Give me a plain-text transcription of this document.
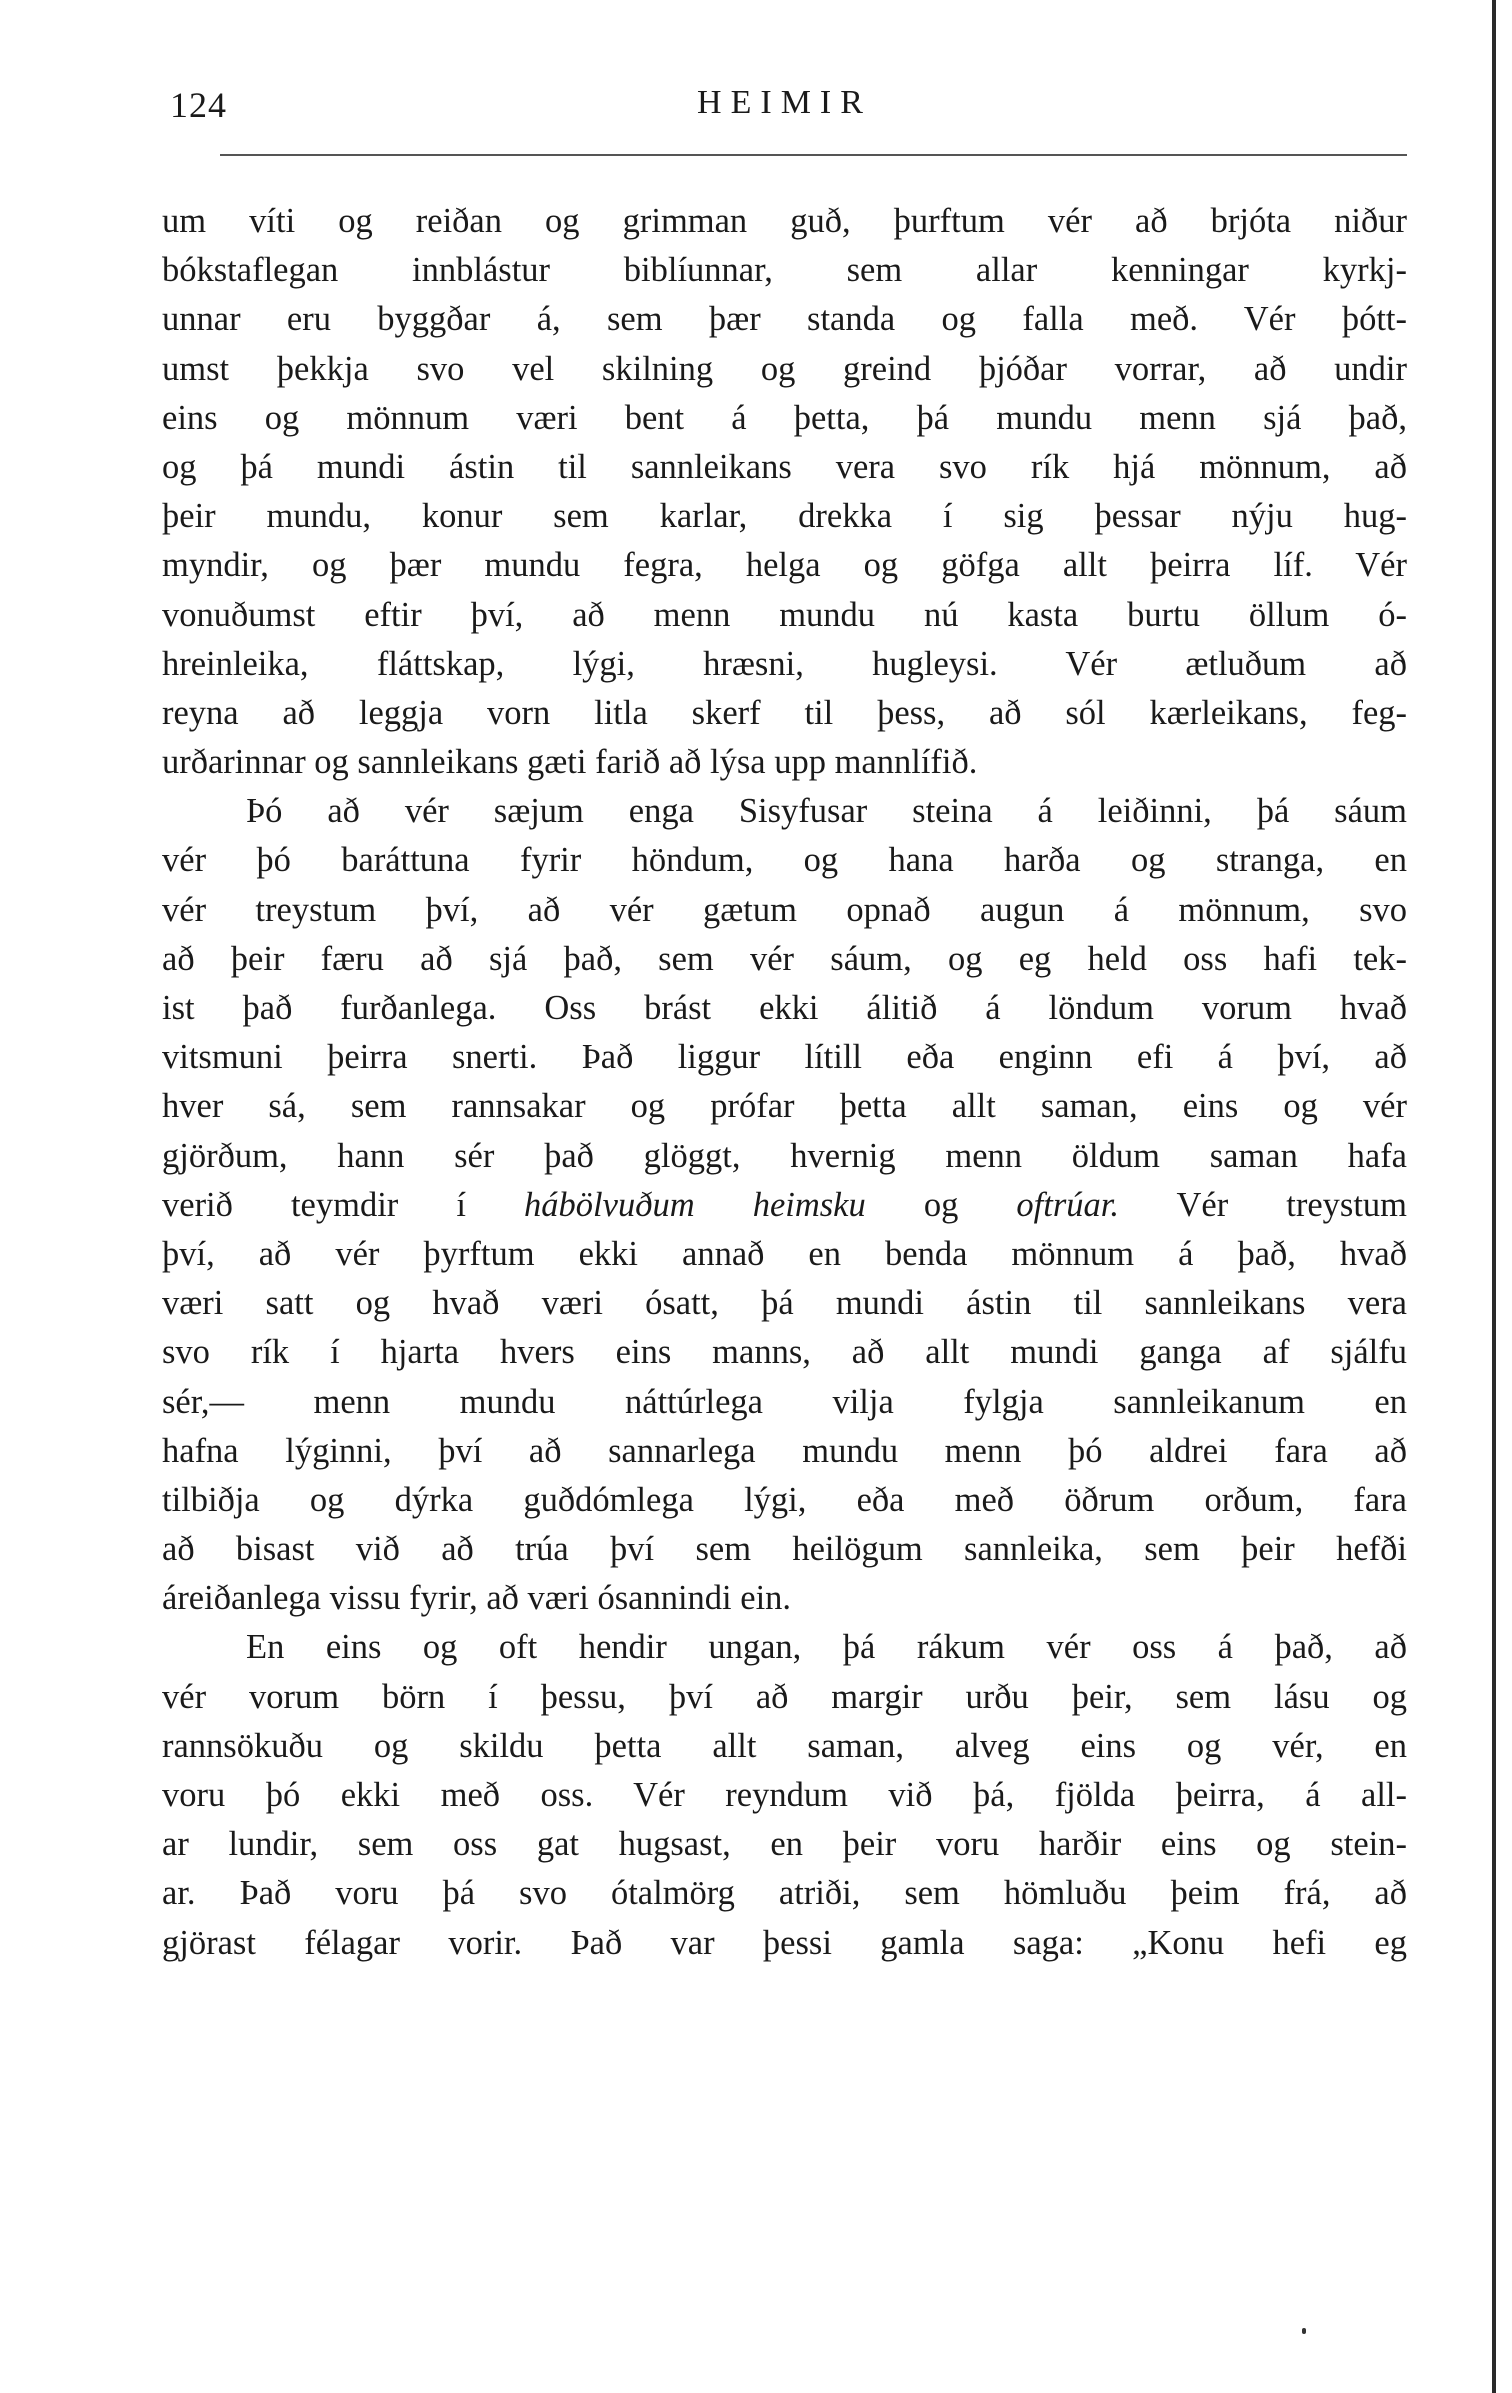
124	HEIMIR
um víti og reiðan og grimman guð, þurftum vér að brjóta niður
bókstaflegan innblástur biblíunnar, sem allar kenningar kyrkj-
unnar eru byggðar á, sem þær standa og falla með. Vér þótt-
umst þekkja svo vel skilning og greind þjóðar vorrar, að undir
eins og mönnum væri bent á þetta, þá mundu menn sjá það,
og þá mundi ástin til sannleikans vera svo rík hjá mönnum, að
þeir mundu, konur sem karlar, drekka í sig þessar nýju hug-
myndir, og þær mundu fegra, helga og göfga allt þeirra líf. Vér
vonuðumst eftir því, að menn mundu nú kasta burtu öllum ó-
hreinleika, fláttskap, lýgi, hræsni, hugleysi. Vér ætluðum að
reyna að leggja vorn litla skerf til þess, að sól kærleikans, feg-
urðarinnar og sannleikans gæti farið að lýsa upp mannlífið.
Þó að vér sæjum enga Sisyfusar steina á leiðinni, þá sáum
vér þó baráttuna fyrir höndum, og hana harða og stranga, en
vér treystum því, að vér gætum opnað augun á mönnum, svo
að þeir færu að sjá það, sem vér sáum, og eg held oss hafi tek-
ist það furðanlega. Oss brást ekki álitið á löndum vorum hvað
vitsmuni þeirra snerti. Það liggur lítill eða enginn efi á því, að
hver sá, sem rannsakar og prófar þetta allt saman, eins og vér
gjörðum, hann sér það glöggt, hvernig menn öldum saman hafa
verið teymdir í hábölvuðum heimsku og oftrúar. Vér treystum
því, að vér þyrftum ekki annað en benda mönnum á það, hvað
væri satt og hvað væri ósatt, þá mundi ástin til sannleikans vera
svo rík í hjarta hvers eins manns, að allt mundi ganga af sjálfu
sér,— menn mundu náttúrlega vilja fylgja sannleikanum en
hafna lýginni, því að sannarlega mundu menn þó aldrei fara að
tilbiðja og dýrka guðdómlega lýgi, eða með öðrum orðum, fara
að bisast við að trúa því sem heilögum sannleika, sem þeir hefði
áreiðanlega vissu fyrir, að væri ósannindi ein.
En eins og oft hendir ungan, þá rákum vér oss á það, að
vér vorum börn í þessu, því að margir urðu þeir, sem lásu og
rannsökuðu og skildu þetta allt saman, alveg eins og vér, en
voru þó ekki með oss. Vér reyndum við þá, fjölda þeirra, á all-
ar lundir, sem oss gat hugsast, en þeir voru harðir eins og stein-
ar. Það voru þá svo ótalmörg atriði, sem hömluðu þeim frá, að
gjörast félagar vorir. Það var þessi gamla saga: „Konu hefi eg
